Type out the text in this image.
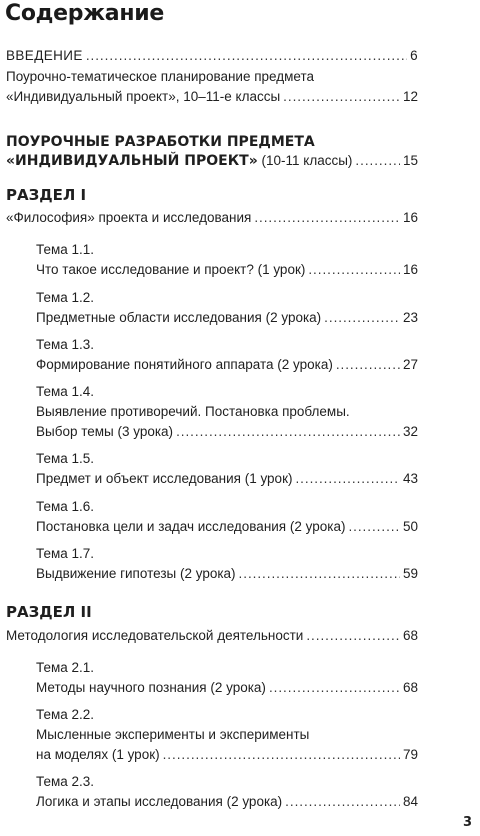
Содержание
ВВЕДЕНИЕ . . .	6
Поурочно-тематическое планирование предмета
«Индивидуальный проект», 10–11-е классы . . .	12
ПОУРОЧНЫЕ РАЗРАБОТКИ ПРЕДМЕТА
«ИНДИВИДУАЛЬНЫЙ ПРОЕКТ» (10-11 классы) . . .	15
РАЗДЕЛ I
«Философия» проекта и исследования . . .	16
Тема 1.1.
Что такое исследование и проект? (1 урок) . . .	16
Тема 1.2.
Предметные области исследования (2 урока) . . .	23
Тема 1.3.
Формирование понятийного аппарата (2 урока) . . .	27
Тема 1.4.
Выявление противоречий. Постановка проблемы.
Выбор темы (3 урока) . . .	32
Тема 1.5.
Предмет и объект исследования (1 урок) . . .	43
Тема 1.6.
Постановка цели и задач исследования (2 урока) . . .	50
Тема 1.7.
Выдвижение гипотезы (2 урока) . . .	59
РАЗДЕЛ II
Методология исследовательской деятельности . . .	68
Тема 2.1.
Методы научного познания (2 урока) . . .	68
Тема 2.2.
Мысленные эксперименты и эксперименты
на моделях (1 урок) . . .	79
Тема 2.3.
Логика и этапы исследования (2 урока) . . .	84
3
